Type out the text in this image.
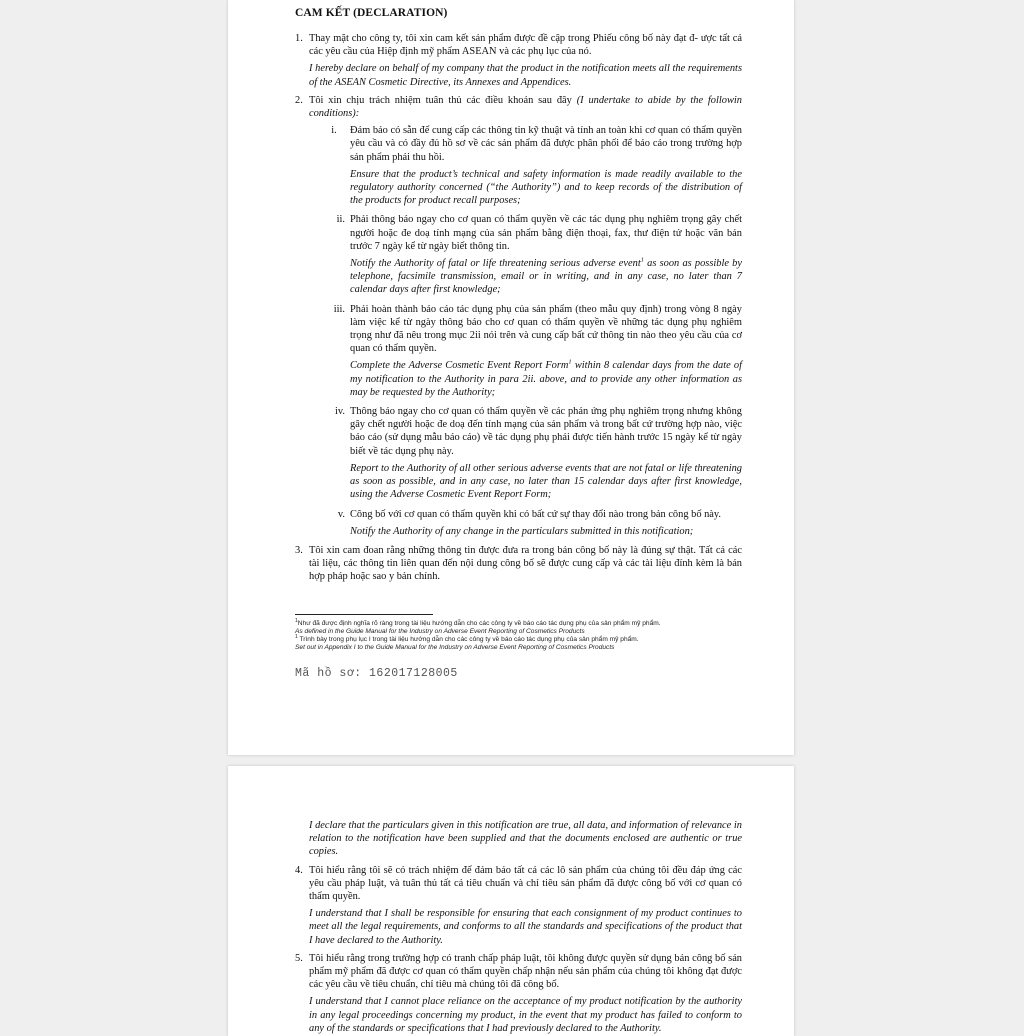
CAM KẾT (DECLARATION)

1. Thay mặt cho công ty, tôi xin cam kết sản phẩm được đề cập trong Phiếu công bố này đạt đ- ược tất cả các yêu cầu của Hiệp định mỹ phẩm ASEAN và các phụ lục của nó.

I hereby declare on behalf of my company that the product in the notification meets all the requirements of the ASEAN Cosmetic Directive, its Annexes and Appendices.

2. Tôi xin chịu trách nhiệm tuân thủ các điều khoản sau đây (I undertake to abide by the followin conditions):

i.	Đảm bảo có sẵn để cung cấp các thông tin kỹ thuật và tính an toàn khi cơ quan có thẩm quyền yêu cầu và có đầy đủ hồ sơ về các sản phẩm đã được phân phối để báo cáo trong trường hợp sản phẩm phải thu hồi.

Ensure that the product’s technical and safety information is made readily available to the regulatory authority concerned (“the Authority”) and to keep records of the distribution of the products for product recall purposes;

ii. Phải thông báo ngay cho cơ quan có thẩm quyền về các tác dụng phụ nghiêm trọng gây chết người hoặc đe doạ tính mạng của sản phẩm bằng điện thoại, fax, thư điện tử hoặc văn bản trước 7 ngày kể từ ngày biết thông tin.

Notify the Authority of fatal or life threatening serious adverse event$^1$ as soon as possible by telephone, facsimile transmission, email or in writing, and in any case, no later than 7 calendar days after first knowledge;

iii. Phải hoàn thành báo cáo tác dụng phụ của sản phẩm (theo mẫu quy định) trong vòng 8 ngày làm việc kể từ ngày thông báo cho cơ quan có thẩm quyền về những tác dụng phụ nghiêm trọng như đã nêu trong mục 2ii nói trên và cung cấp bất cứ thông tin nào theo yêu cầu của cơ quan có thẩm quyền.

Complete the Adverse Cosmetic Event Report Form$^1$ within 8 calendar days from the date of my notification to the Authority in para 2ii. above, and to provide any other information as may be requested by the Authority;

iv. Thông báo ngay cho cơ quan có thẩm quyền về các phản ứng phụ nghiêm trọng nhưng không gây chết người hoặc đe doạ đến tính mạng của sản phẩm và trong bất cứ trường hợp nào, việc báo cáo (sử dụng mẫu báo cáo) về tác dụng phụ phải được tiến hành trước 15 ngày kể từ ngày biết về tác dụng phụ này.

Report to the Authority of all other serious adverse events that are not fatal or life threatening as soon as possible, and in any case, no later than 15 calendar days after first knowledge, using the Adverse Cosmetic Event Report Form;

v. Công bố với cơ quan có thẩm quyền khi có bất cứ sự thay đổi nào trong bản công bố này.

Notify the Authority of any change in the particulars submitted in this notification;

3. Tôi xin cam đoan rằng những thông tin được đưa ra trong bản công bố này là đúng sự thật. Tất cả các tài liệu, các thông tin liên quan đến nội dung công bố sẽ được cung cấp và các tài liệu đính kèm là bản hợp pháp hoặc sao y bản chính.

$^1$Như đã được định nghĩa rõ ràng trong tài liệu hướng dẫn cho các công ty về báo cáo tác dụng phụ của sản phẩm mỹ phẩm.

As defined in the Guide Manual for the Industry on Adverse Event Reporting of Cosmetics Products

$^1$ Trình bày trong phụ lục I trong tài liệu hướng dẫn cho các công ty về báo cáo tác dụng phụ của sản phẩm mỹ phẩm.

Set out in Appendix I to the Guide Manual for the Industry on Adverse Event Reporting of Cosmetics Products

Mã hồ sơ: 162017128005

I declare that the particulars given in this notification are true, all data, and information of relevance in relation to the notification have been supplied and that the documents enclosed are authentic or true copies.

4. Tôi hiểu rằng tôi sẽ có trách nhiệm để đảm bảo tất cả các lô sản phẩm của chúng tôi đều đáp ứng các yêu cầu pháp luật, và tuân thủ tất cả tiêu chuẩn và chỉ tiêu sản phẩm đã được công bố với cơ quan có thẩm quyền.

I understand that I shall be responsible for ensuring that each consignment of my product continues to meet all the legal requirements, and conforms to all the standards and specifications of the product that I have declared to the Authority.

5. Tôi hiểu rằng trong trường hợp có tranh chấp pháp luật, tôi không được quyền sử dụng bản công bố sản phẩm mỹ phẩm đã được cơ quan có thẩm quyền chấp nhận nếu sản phẩm của chúng tôi không đạt được các yêu cầu về tiêu chuẩn, chỉ tiêu mà chúng tôi đã công bố.

I understand that I cannot place reliance on the acceptance of my product notification by the authority in any legal proceedings concerning my product, in the event that my product has failed to conform to any of the standards or specifications that I had previously declared to the Authority.
